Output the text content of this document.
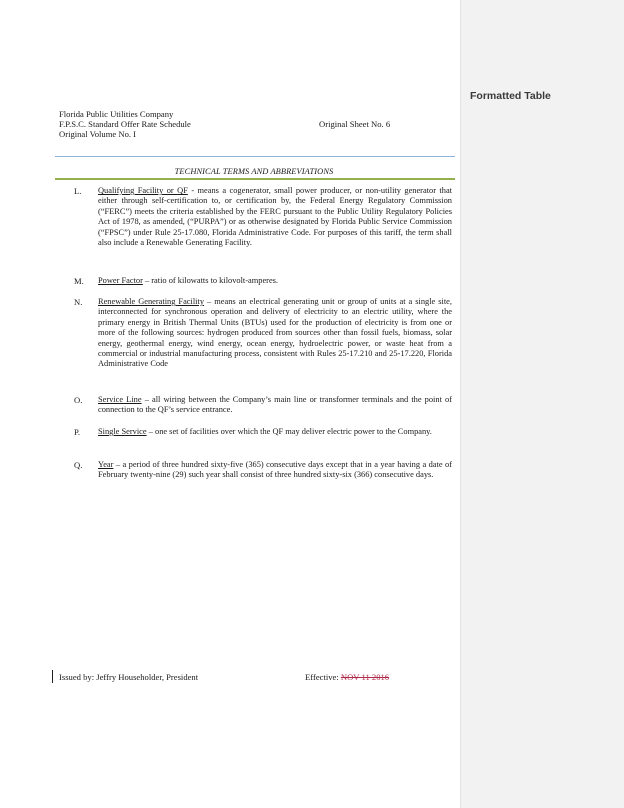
Florida Public Utilities Company
F.P.S.C. Standard Offer Rate Schedule
Original Volume No. I
Original Sheet No. 6
TECHNICAL TERMS AND ABBREVIATIONS
L. Qualifying Facility or QF - means a cogenerator, small power producer, or non-utility generator that either through self-certification to, or certification by, the Federal Energy Regulatory Commission (“FERC”) meets the criteria established by the FERC pursuant to the Public Utility Regulatory Policies Act of 1978, as amended, (“PURPA”) or as otherwise designated by Florida Public Service Commission (“FPSC”) under Rule 25-17.080, Florida Administrative Code. For purposes of this tariff, the term shall also include a Renewable Generating Facility.
M. Power Factor – ratio of kilowatts to kilovolt-amperes.
N. Renewable Generating Facility – means an electrical generating unit or group of units at a single site, interconnected for synchronous operation and delivery of electricity to an electric utility, where the primary energy in British Thermal Units (BTUs) used for the production of electricity is from one or more of the following sources: hydrogen produced from sources other than fossil fuels, biomass, solar energy, geothermal energy, wind energy, ocean energy, hydroelectric power, or waste heat from a commercial or industrial manufacturing process, consistent with Rules 25-17.210 and 25-17.220, Florida Administrative Code
O. Service Line – all wiring between the Company’s main line or transformer terminals and the point of connection to the QF’s service entrance.
P. Single Service – one set of facilities over which the QF may deliver electric power to the Company.
Q. Year – a period of three hundred sixty-five (365) consecutive days except that in a year having a date of February twenty-nine (29) such year shall consist of three hundred sixty-six (366) consecutive days.
Issued by: Jeffry Householder, President	Effective: NOV 11 2016
Formatted Table
